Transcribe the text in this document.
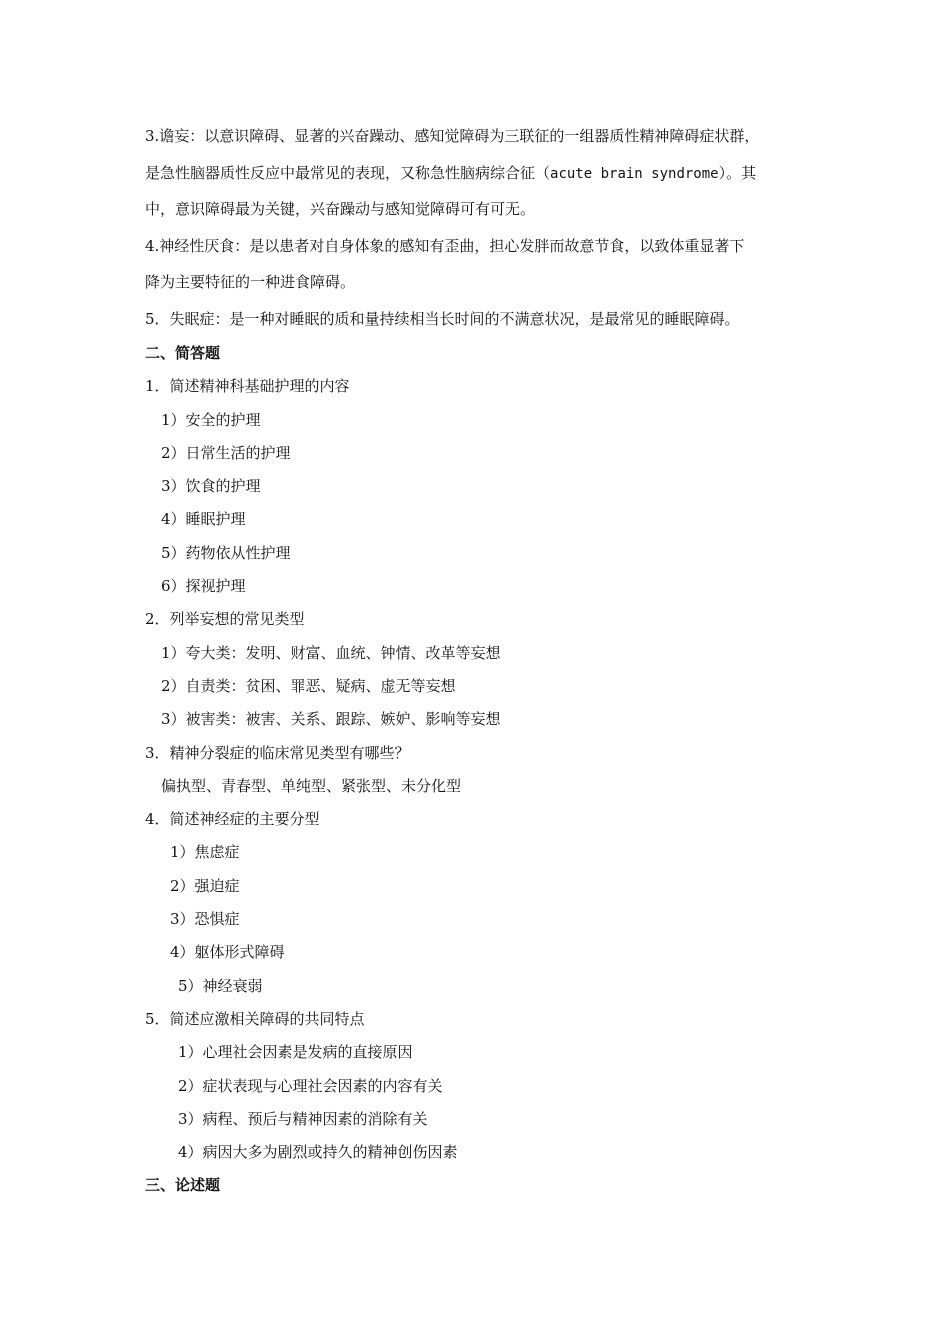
3.谵妄：以意识障碍、显著的兴奋躁动、感知觉障碍为三联征的一组器质性精神障碍症状群，
是急性脑器质性反应中最常见的表现，又称急性脑病综合征（acute brain syndrome）。其
中，意识障碍最为关键，兴奋躁动与感知觉障碍可有可无。
4.神经性厌食：是以患者对自身体象的感知有歪曲，担心发胖而故意节食，以致体重显著下
降为主要特征的一种进食障碍。
5．失眠症：是一种对睡眠的质和量持续相当长时间的不满意状况，是最常见的睡眠障碍。
二、简答题
1．简述精神科基础护理的内容
1）安全的护理
2）日常生活的护理
3）饮食的护理
4）睡眠护理
5）药物依从性护理
6）探视护理
2．列举妄想的常见类型
1）夸大类：发明、财富、血统、钟情、改革等妄想
2）自责类：贫困、罪恶、疑病、虚无等妄想
3）被害类：被害、关系、跟踪、嫉妒、影响等妄想
3．精神分裂症的临床常见类型有哪些？
偏执型、青春型、单纯型、紧张型、未分化型
4．简述神经症的主要分型
1）焦虑症
2）强迫症
3）恐惧症
4）躯体形式障碍
5）神经衰弱
5．简述应激相关障碍的共同特点
1）心理社会因素是发病的直接原因
2）症状表现与心理社会因素的内容有关
3）病程、预后与精神因素的消除有关
4）病因大多为剧烈或持久的精神创伤因素
三、论述题
